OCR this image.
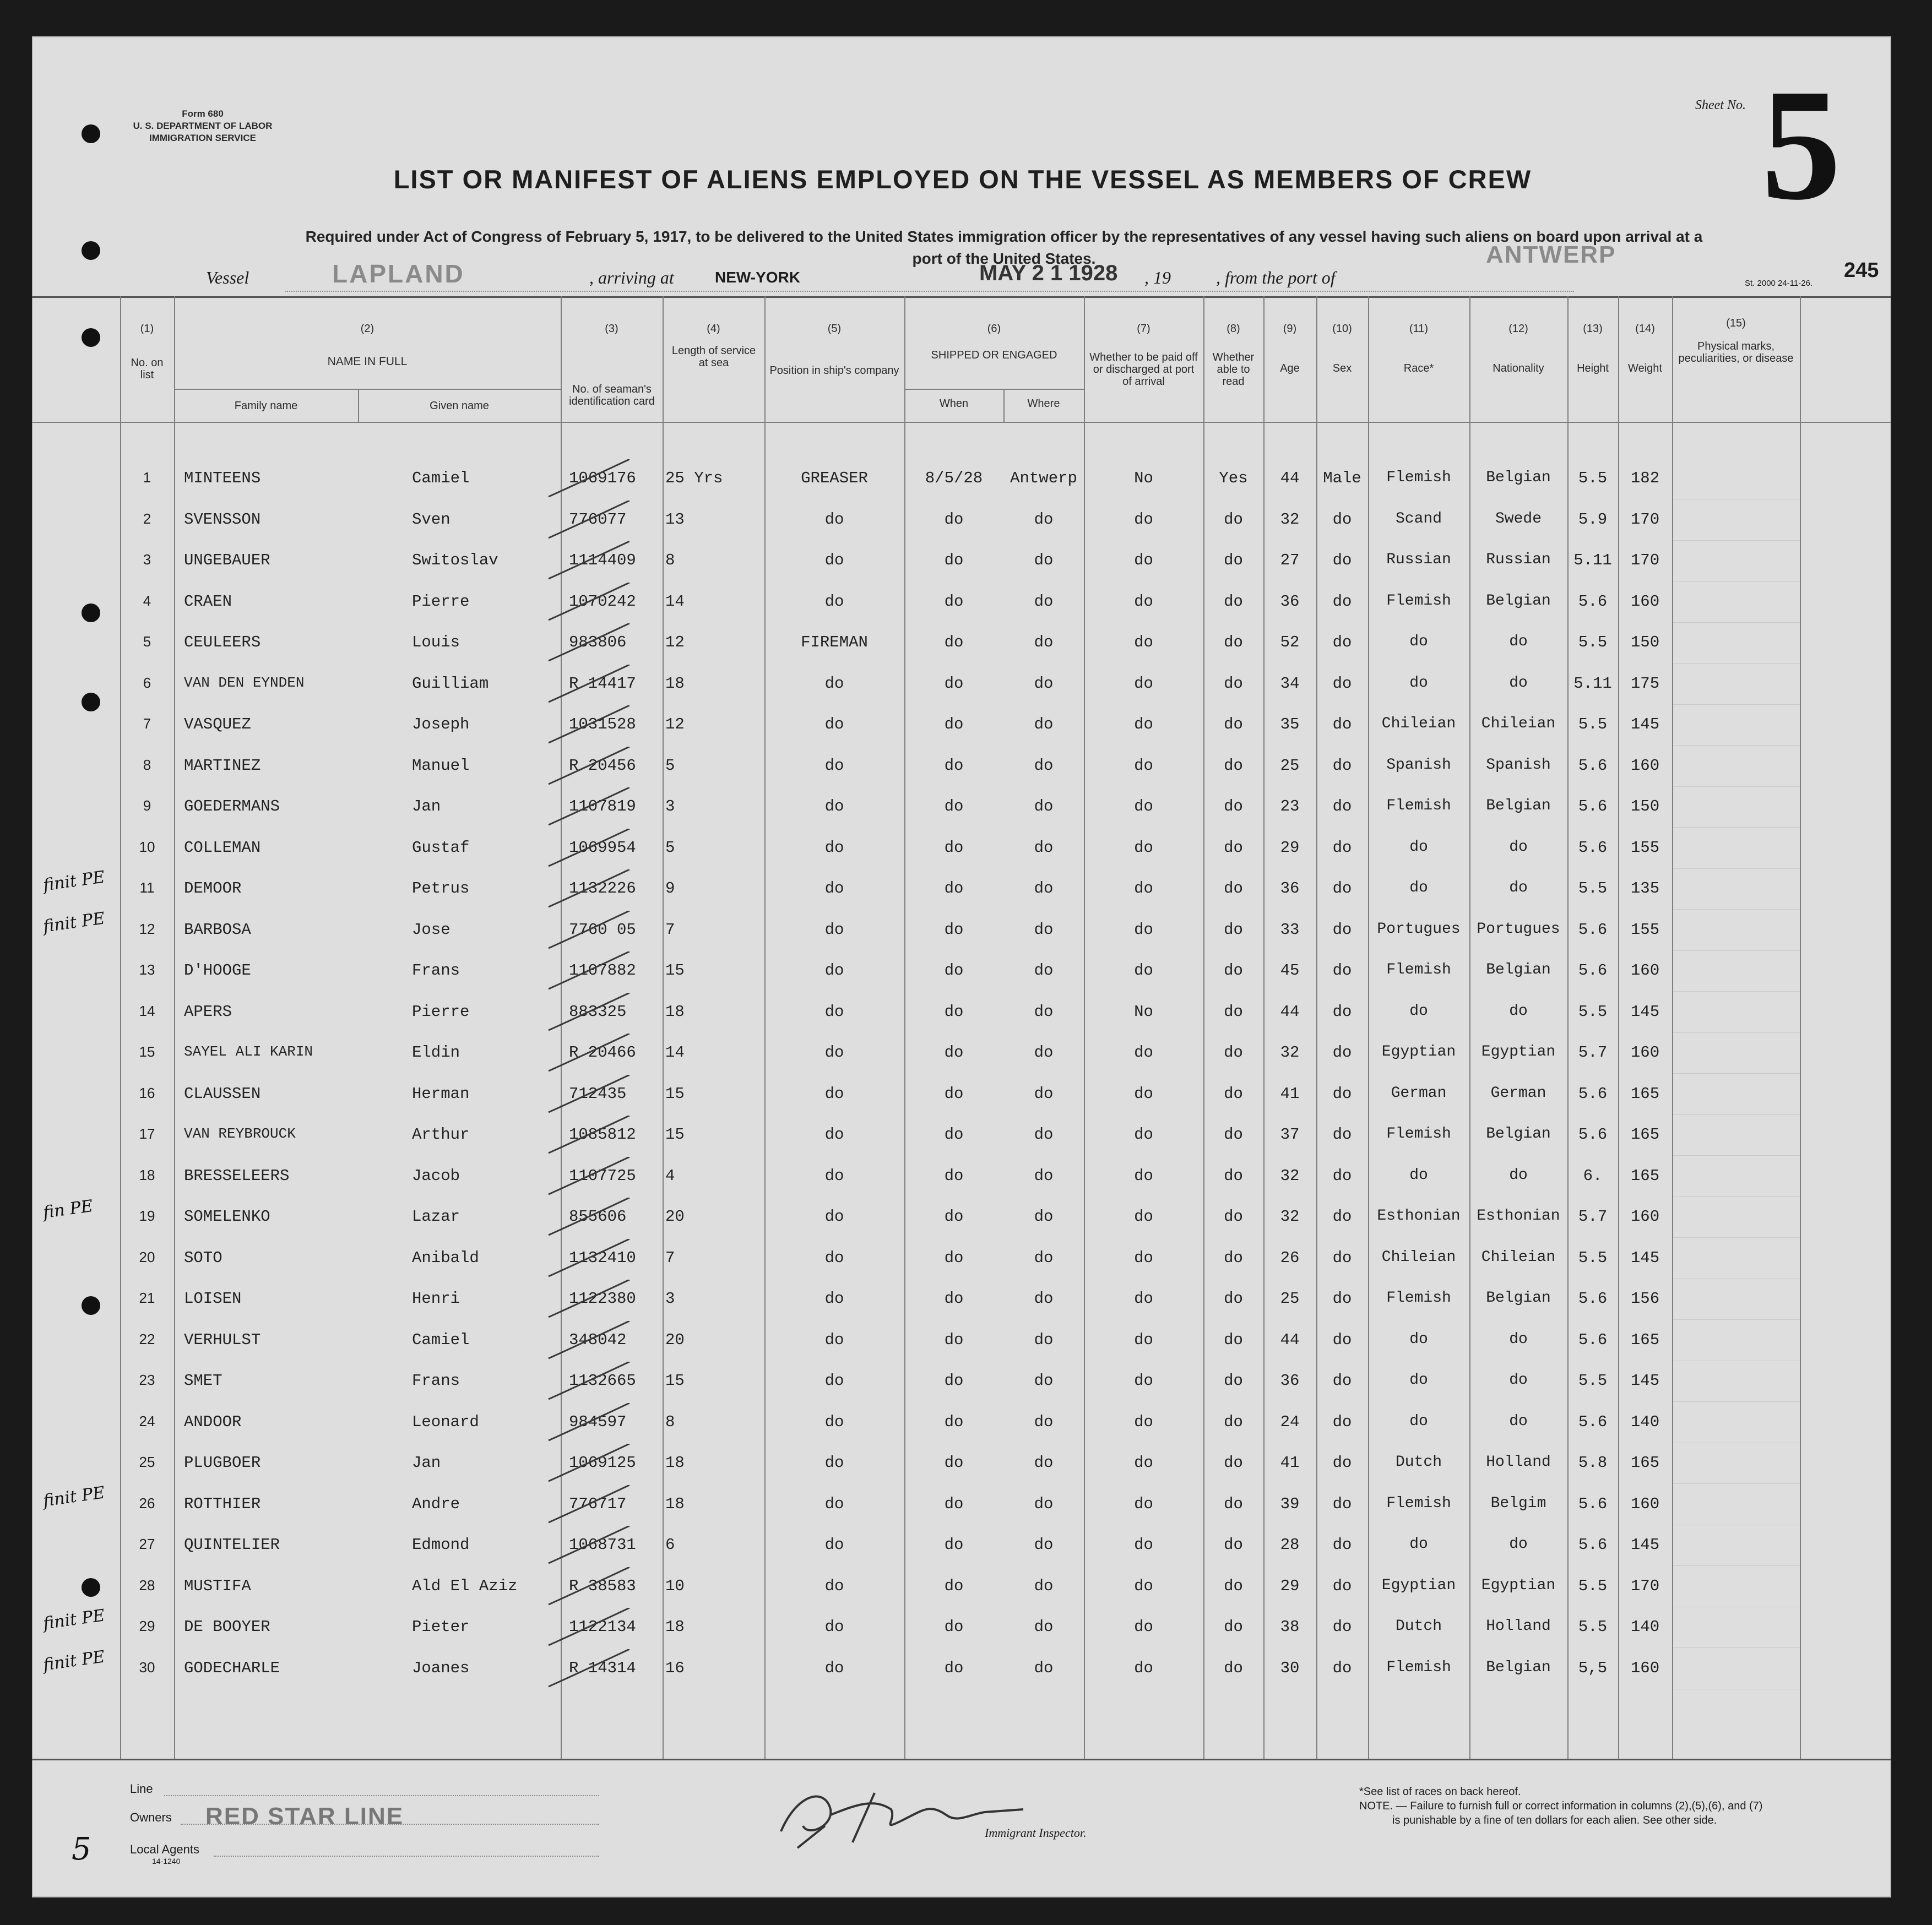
Form 680
U. S. DEPARTMENT OF LABOR
IMMIGRATION SERVICE
LIST OR MANIFEST OF ALIENS EMPLOYED ON THE VESSEL AS MEMBERS OF CREW
Required under Act of Congress of February 5, 1917, to be delivered to the United States immigration officer by the representatives of any vessel having such aliens on board upon arrival at a
port of the United States.
Sheet No. 5
245
Vessel	LAPLAND	, arriving at	NEW-YORK	MAY 2 1 1928 , 19	, from the port of
ANTWERP
St. 2000 24-11-26.
(1)	(2)	(3)	(4)	(5)	(6)	(7)	(8)	(9)	(10)	(11)	(12)	(13)	(14)	(15)
No. on list
NAME IN FULL
Family name	Given name
No. of seaman's identification card
Length of service at sea
Position in ship's company
SHIPPED OR ENGAGED
When	Where
Whether to be paid off or discharged at port of arrival
Whether able to read
Age	Sex	Race*	Nationality	Height	Weight
Physical marks, peculiarities, or disease
1	MINTEENS	Camiel	1069176	25 Yrs	GREASER	8/5/28	Antwerp	No	Yes	44	Male	Flemish	Belgian	5.5	182
2	SVENSSON	Sven	776077	13	do	do	do	do	do	32	do	Scand	Swede	5.9	170
3	UNGEBAUER	Switoslav	1114409	8	do	do	do	do	do	27	do	Russian	Russian	5.11	170
4	CRAEN	Pierre	1070242	14	do	do	do	do	do	36	do	Flemish	Belgian	5.6	160
5	CEULEERS	Louis	983806	12	FIREMAN	do	do	do	do	52	do	do	do	5.5	150
6	VAN DEN EYNDEN	Guilliam	R 14417	18	do	do	do	do	do	34	do	do	do	5.11	175
7	VASQUEZ	Joseph	1031528	12	do	do	do	do	do	35	do	Chileian	Chileian	5.5	145
8	MARTINEZ	Manuel	R 20456	5	do	do	do	do	do	25	do	Spanish	Spanish	5.6	160
9	GOEDERMANS	Jan	1107819	3	do	do	do	do	do	23	do	Flemish	Belgian	5.6	150
10	COLLEMAN	Gustaf	1069954	5	do	do	do	do	do	29	do	do	do	5.6	155
11	DEMOOR	Petrus	1132226	9	do	do	do	do	do	36	do	do	do	5.5	135
12	BARBOSA	Jose	7760 05	7	do	do	do	do	do	33	do	Portugues	Portugues	5.6	155
13	D'HOOGE	Frans	1107882	15	do	do	do	do	do	45	do	Flemish	Belgian	5.6	160
14	APERS	Pierre	883325	18	do	do	do	No	do	44	do	do	do	5.5	145
15	SAYEL ALI KARIN	Eldin	R 20466	14	do	do	do	do	do	32	do	Egyptian	Egyptian	5.7	160
16	CLAUSSEN	Herman	712435	15	do	do	do	do	do	41	do	German	German	5.6	165
17	VAN REYBROUCK	Arthur	1085812	15	do	do	do	do	do	37	do	Flemish	Belgian	5.6	165
18	BRESSELEERS	Jacob	1107725	4	do	do	do	do	do	32	do	do	do	6.	165
19	SOMELENKO	Lazar	855606	20	do	do	do	do	do	32	do	Esthonian	Esthonian	5.7	160
20	SOTO	Anibald	1132410	7	do	do	do	do	do	26	do	Chileian	Chileian	5.5	145
21	LOISEN	Henri	1122380	3	do	do	do	do	do	25	do	Flemish	Belgian	5.6	156
22	VERHULST	Camiel	348042	20	do	do	do	do	do	44	do	do	do	5.6	165
23	SMET	Frans	1132665	15	do	do	do	do	do	36	do	do	do	5.5	145
24	ANDOOR	Leonard	984597	8	do	do	do	do	do	24	do	do	do	5.6	140
25	PLUGBOER	Jan	1069125	18	do	do	do	do	do	41	do	Dutch	Holland	5.8	165
26	ROTTHIER	Andre	776717	18	do	do	do	do	do	39	do	Flemish	Belgim	5.6	160
27	QUINTELIER	Edmond	1068731	6	do	do	do	do	do	28	do	do	do	5.6	145
28	MUSTIFA	Ald El Aziz	R 38583	10	do	do	do	do	do	29	do	Egyptian	Egyptian	5.5	170
29	DE BOOYER	Pieter	1122134	18	do	do	do	do	do	38	do	Dutch	Holland	5.5	140
30	GODECHARLE	Joanes	R 14314	16	do	do	do	do	do	30	do	Flemish	Belgian	5,5	160
finit PE
finit PE
fin PE
finit PE
finit PE
finit PE
Line
Owners RED STAR LINE
Local Agents
14-1240
5	Immigrant Inspector.
*See list of races on back hereof.
NOTE. — Failure to furnish full or correct information in columns (2),(5),(6), and (7)
is punishable by a fine of ten dollars for each alien. See other side.
